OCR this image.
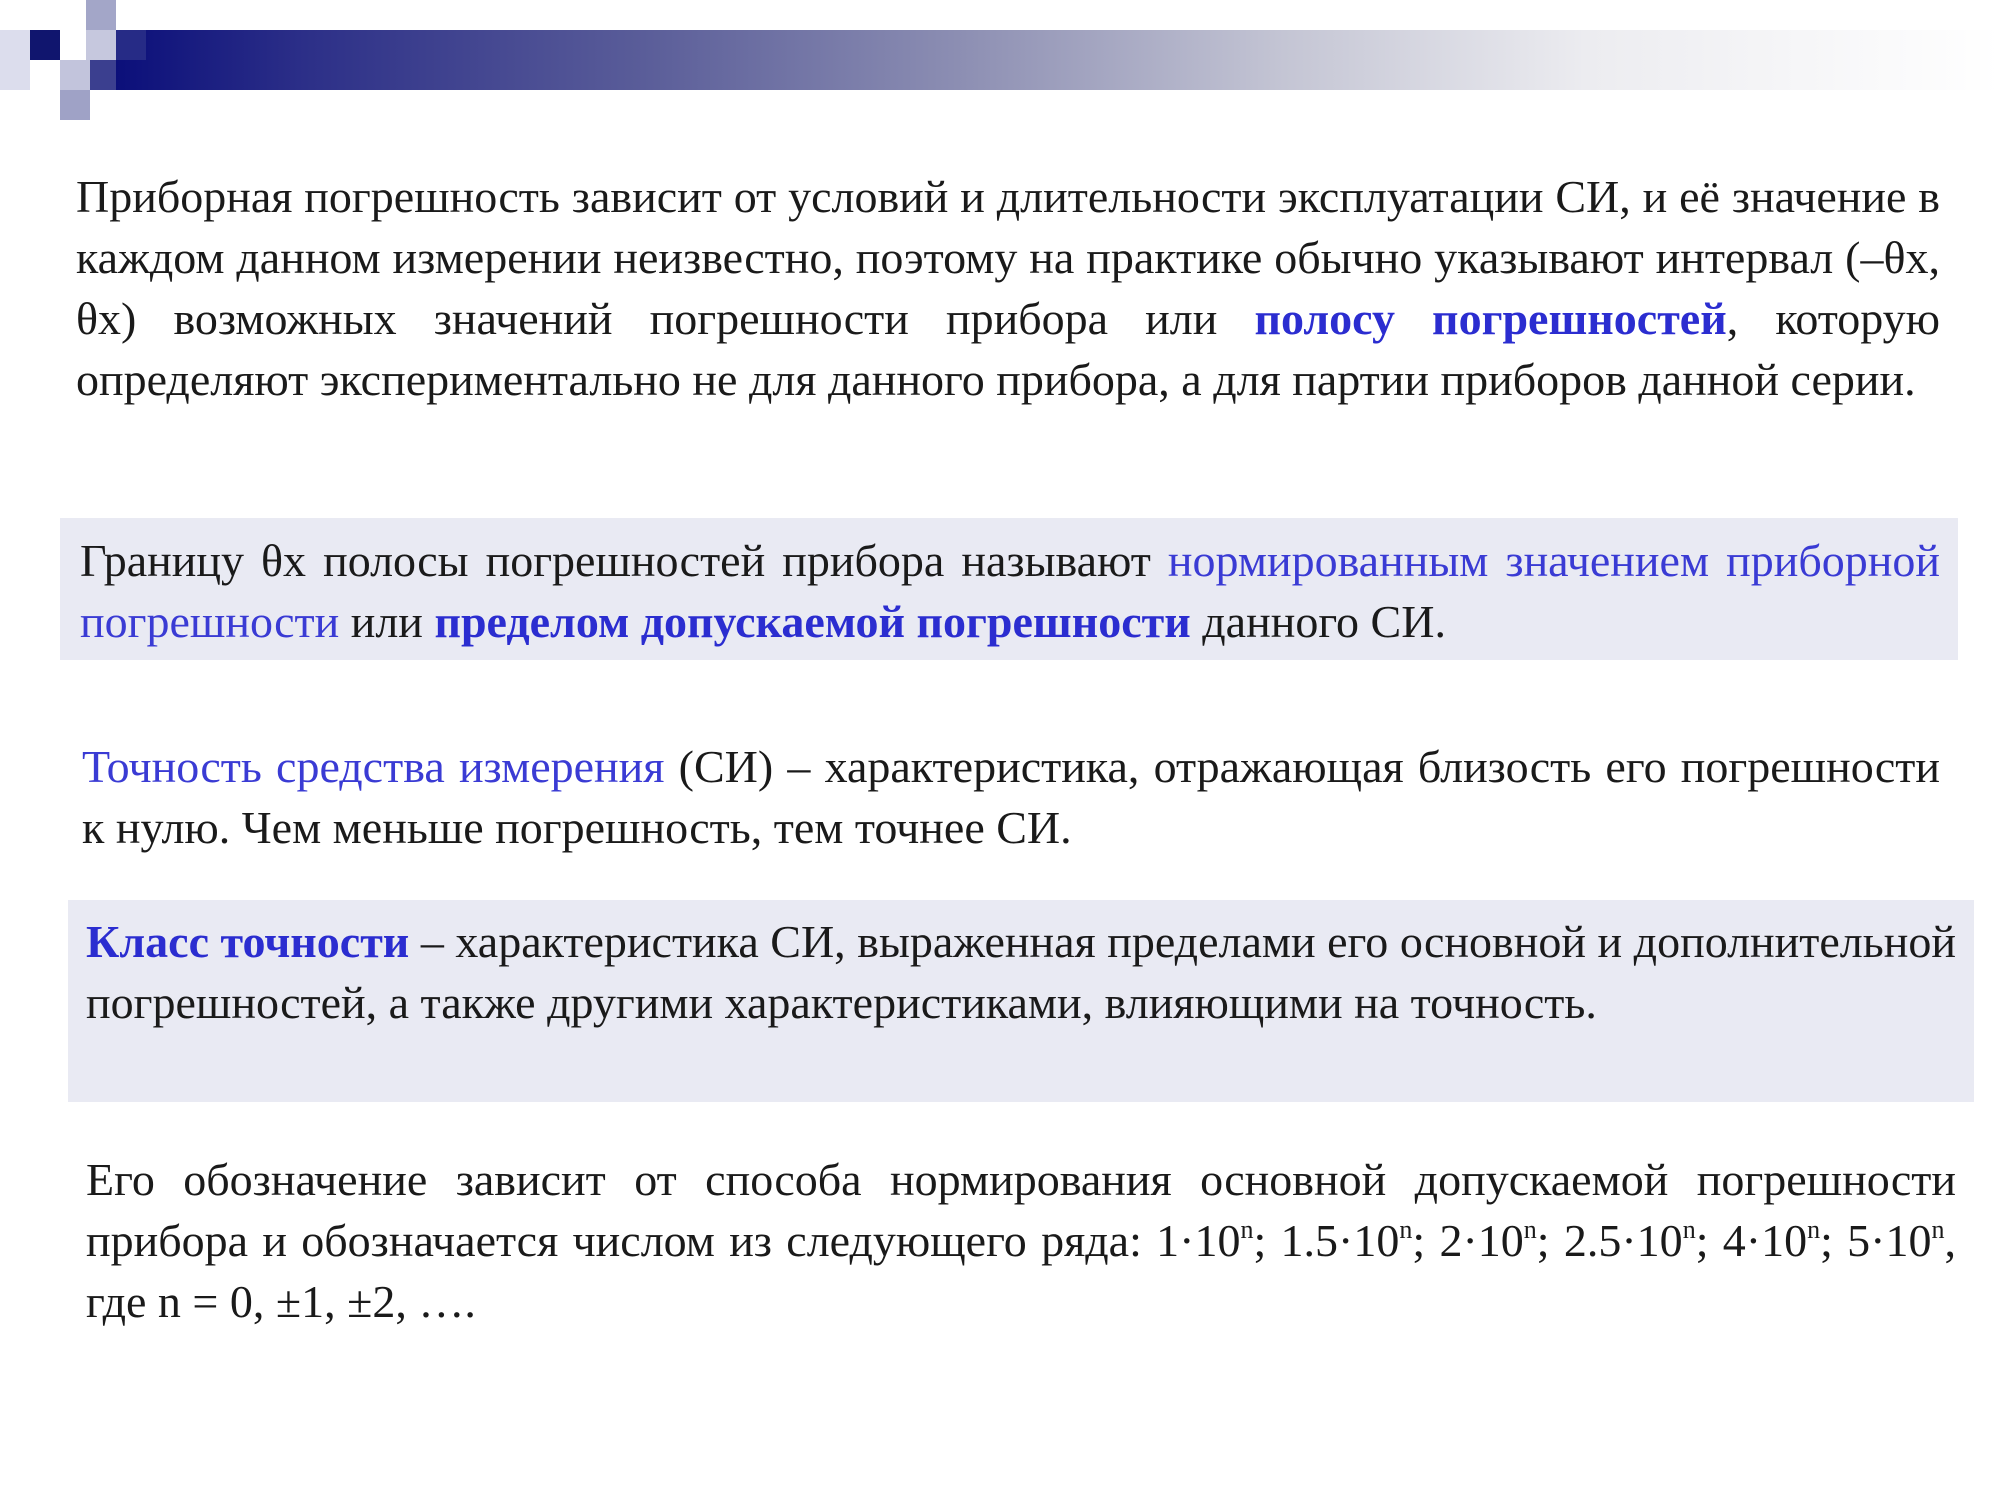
Приборная погрешность зависит от условий и длительности эксплуатации СИ, и её значение в каждом данном измерении неизвестно, поэтому на практике обычно указывают интервал (–θx, θx) возможных значений погрешности прибора или полосу погрешностей, которую определяют экспериментально не для данного прибора, а для партии приборов данной серии.

Границу θx полосы погрешностей прибора называют нормированным значением приборной погрешности или пределом допускаемой погрешности данного СИ.

Точность средства измерения (СИ) – характеристика, отражающая близость его погрешности к нулю. Чем меньше погрешность, тем точнее СИ.

Класс точности – характеристика СИ, выраженная пределами его основной и дополнительной погрешностей, а также другими характеристиками, влияющими на точность.

Его обозначение зависит от способа нормирования основной допускаемой погрешности прибора и обозначается числом из следующего ряда: $1\cdot 10^n$; $1.5\cdot 10^n$; $2\cdot 10^n$; $2.5\cdot 10^n$; $4\cdot 10^n$; $5\cdot 10^n$, где n = 0, ±1, ±2, ….
